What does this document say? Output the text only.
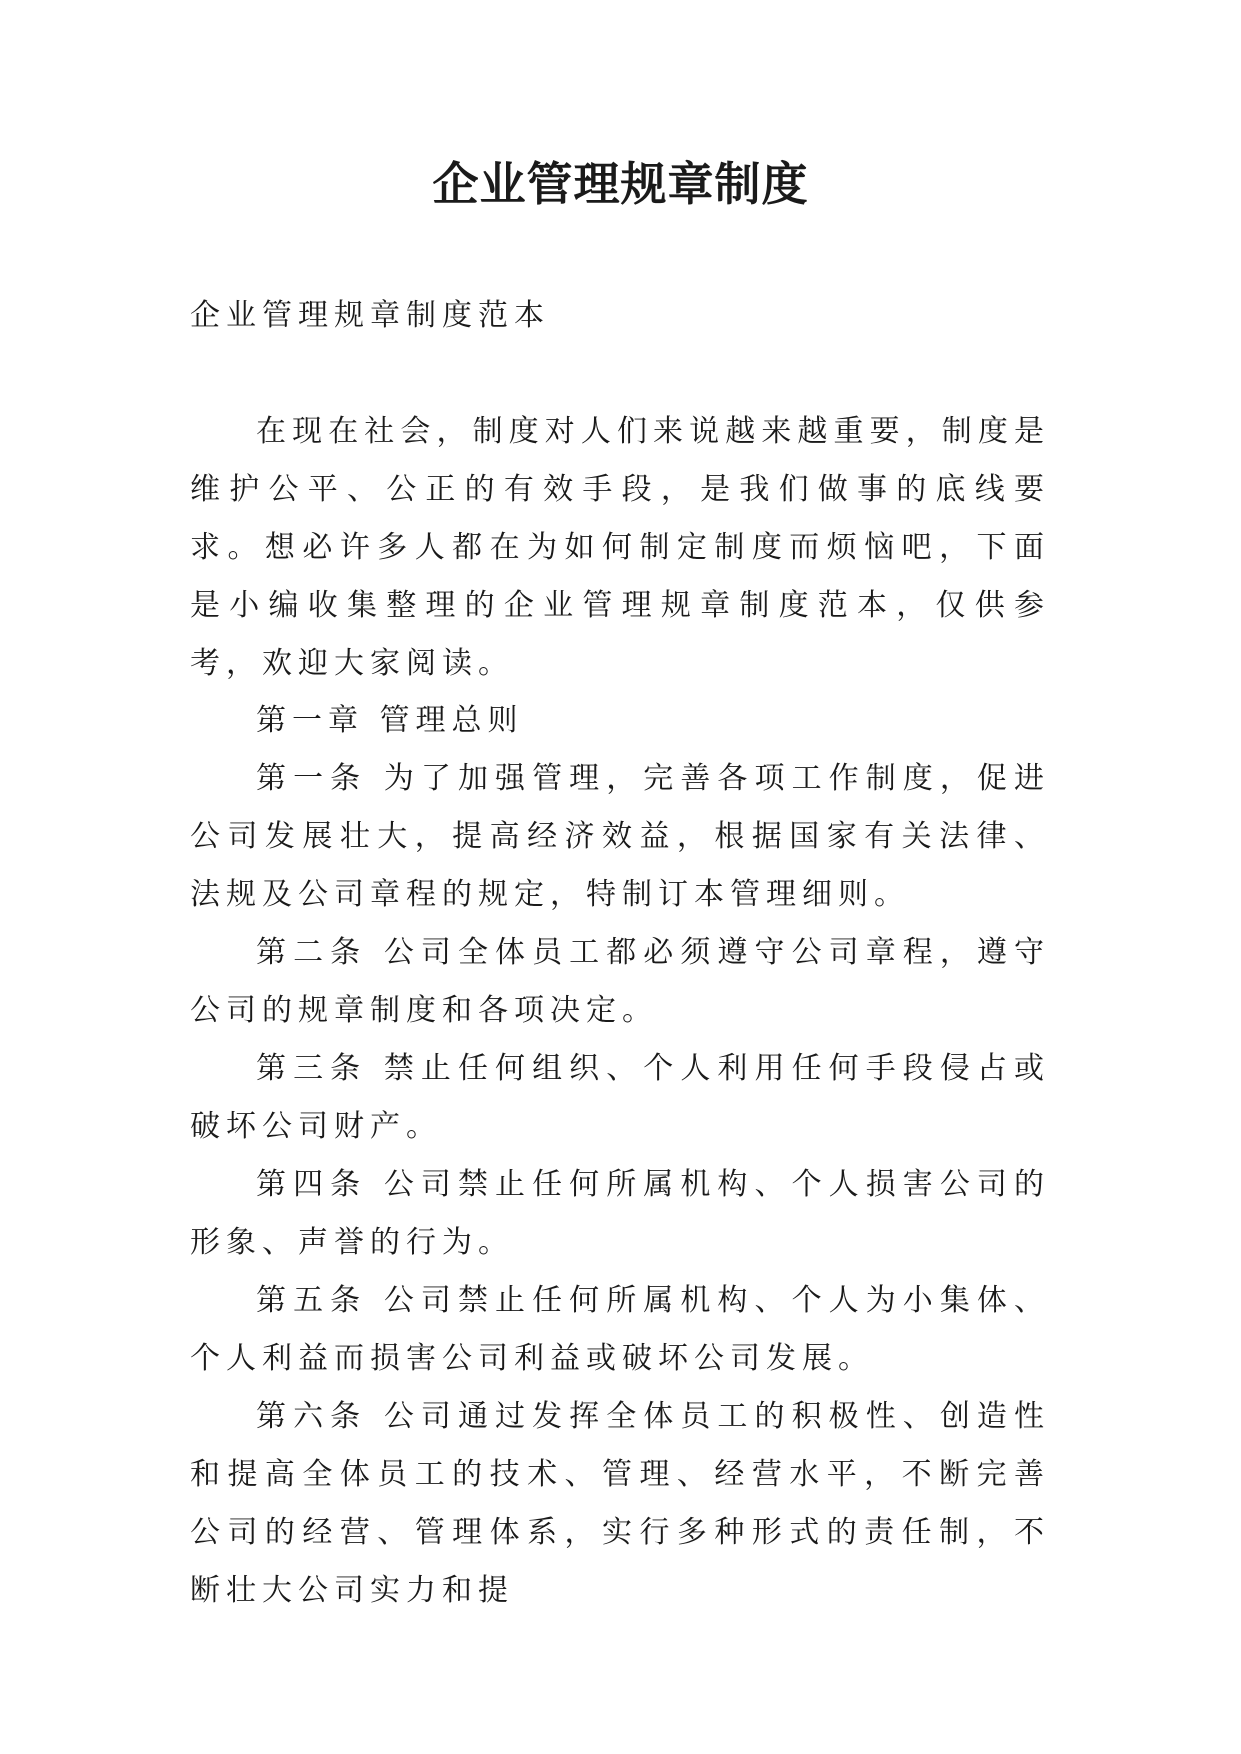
企业管理规章制度
企业管理规章制度范本

在现在社会，制度对人们来说越来越重要，制度是维护公平、公正的有效手段，是我们做事的底线要求。想必许多人都在为如何制定制度而烦恼吧，下面是小编收集整理的企业管理规章制度范本，仅供参考，欢迎大家阅读。

第一章 管理总则

第一条 为了加强管理，完善各项工作制度，促进公司发展壮大，提高经济效益，根据国家有关法律、法规及公司章程的规定，特制订本管理细则。

第二条 公司全体员工都必须遵守公司章程，遵守公司的规章制度和各项决定。

第三条 禁止任何组织、个人利用任何手段侵占或破坏公司财产。

第四条 公司禁止任何所属机构、个人损害公司的形象、声誉的行为。

第五条 公司禁止任何所属机构、个人为小集体、个人利益而损害公司利益或破坏公司发展。

第六条 公司通过发挥全体员工的积极性、创造性和提高全体员工的技术、管理、经营水平，不断完善公司的经营、管理体系，实行多种形式的责任制，不断壮大公司实力和提
